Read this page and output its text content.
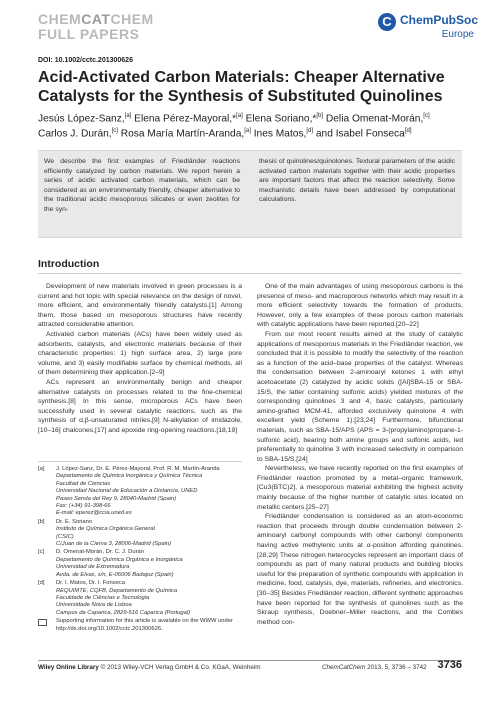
CHEMCATCHEM
FULL PAPERS
C ChemPubSoc
Europe
DOI: 10.1002/cctc.201300626
Acid-Activated Carbon Materials: Cheaper Alternative Catalysts for the Synthesis of Substituted Quinolines
Jesús López-Sanz,[a] Elena Pérez-Mayoral,*[a] Elena Soriano,*[b] Delia Omenat-Morán,[c] Carlos J. Durán,[c] Rosa María Martín-Aranda,[a] Ines Matos,[d] and Isabel Fonseca[d]
We describe the first examples of Friedländer reactions efficiently catalyzed by carbon materials. We report herein a series of acidic activated carbon materials, which can be considered as an environmentally friendly, cheaper alternative to the traditional acidic mesoporous silicates or even zeolites for the syn-
thesis of quinolines/quinolones. Textural parameters of the acidic activated carbon materials together with their acidic properties are important factors that affect the reaction selectivity. Some mechanistic details have been addressed by computational calculations.
Introduction

Development of new materials involved in green processes is a current and hot topic with special relevance on the design of novel, more efficient, and environmentally friendly catalysts.[1] Among them, those based on mesoporous structures have recently attracted considerable attention.

Activated carbon materials (ACs) have been widely used as adsorbents, catalysts, and electronic materials because of their characteristic properties: 1) high surface area, 2) large pore volume, and 3) easily modifiable surface by chemical methods, all of them determining their application.[2–9]

ACs represent an environmentally benign and cheaper alternative catalysts on processes related to the fine-chemical synthesis.[8] In this sense, microporous ACs have been successfully used in several catalytic reactions, such as the synthesis of α,β-unsaturated nitriles,[9] N-alkylation of imidazole,[10–16] chalcones,[17] and epoxide ring-opening reactions.[18,19]

One of the main advantages of using mesoporous carbons is the presence of meso- and macroporous networks which may result in a more efficient selectivity towards the formation of products. However, only a few examples of these porous carbon materials with catalytic applications have been reported.[20–22]

From our most recent results aimed at the study of catalytic applications of mesoporous materials in the Friedländer reaction, we concluded that it is possible to modify the selectivity of the reaction as a function of the acid–base properties of the catalyst. Whereas the condensation between 2-aminoaryl ketones 1 with ethyl acetoacetate (2) catalyzed by acidic solids ([Al]SBA-15 or SBA-15/S, the latter containing sulfonic acids) yielded mixtures of the corresponding quinolines 3 and 4, basic catalysts, particularly amino-grafted MCM-41, afforded exclusively quinolone 4 with excellent yield (Scheme 1).[23,24] Furthermore, bifunctional materials, such as SBA-15/APS (APS = 3-(propylamino)propane-1-sulfonic acid), bearing both amine groups and sulfonic acids, led preferentially to quinoline 3 with increased selectivity in comparison to SBA-15/S.[24]

Nevertheless, we have recently reported on the first examples of Friedländer reaction promoted by a metal–organic framework, [Cu3(BTC)2], a mesoporous material exhibiting the highest activity mainly because of the higher number of catalytic sites located on metallic centers.[25–27]

Friedländer condensation is considered as an atom-economic reaction that proceeds through double condensation between 2-aminoaryl carbonyl compounds with other carbonyl components having active methylenic units at α-position affording quinolines.[28,29] These nitrogen heterocycles represent an important class of compounds as part of many natural products and building blocks useful for the preparation of synthetic compounds with application in medicine, food, catalysis, dye, materials, refineries, and electronics.[30–35] Besides Friedländer reaction, different synthetic approaches have been reported for the synthesis of quinolines such as the Skraup synthesis, Doebner–Miller reactions, and the Combes method con-

[a] J. López-Sanz, Dr. E. Pérez-Mayoral, Prof. R. M. Martín-Aranda
Departamento de Química Inorgánica y Química Técnica
Facultad de Ciencias
Universidad Nacional de Educación a Distancia, UNED
Paseo Senda del Rey 9, 28040-Madrid (Spain)
Fax: (+34) 91-398-66
E-mail: eperez@ccia.uned.es
[b] Dr. E. Soriano
Instituto de Química Orgánica General
(CSIC)
C/Juan de la Cierva 3, 28006-Madrid (Spain)
[c] D. Omenat-Morán, Dr. C. J. Durán
Departamento de Química Orgánica e Inorgánica
Universidad de Extremadura
Avda. de Elvas, s/n, E-06006 Badajoz (Spain)
[d] Dr. I. Matos, Dr. I. Fonseca
REQUIMTE, CQFB, Departamento de Química
Faculdade de Ciências e Tecnologia
Universidade Nova de Lisboa
Campus da Caparica, 2829-516 Caparica (Portugal)
Supporting information for this article is available on the WWW under
http://dx.doi.org/10.1002/cctc.201300626.
Wiley Online Library © 2013 Wiley-VCH Verlag GmbH & Co. KGaA, Weinheim	ChemCatChem 2013, 5, 3736 – 3742 3736
